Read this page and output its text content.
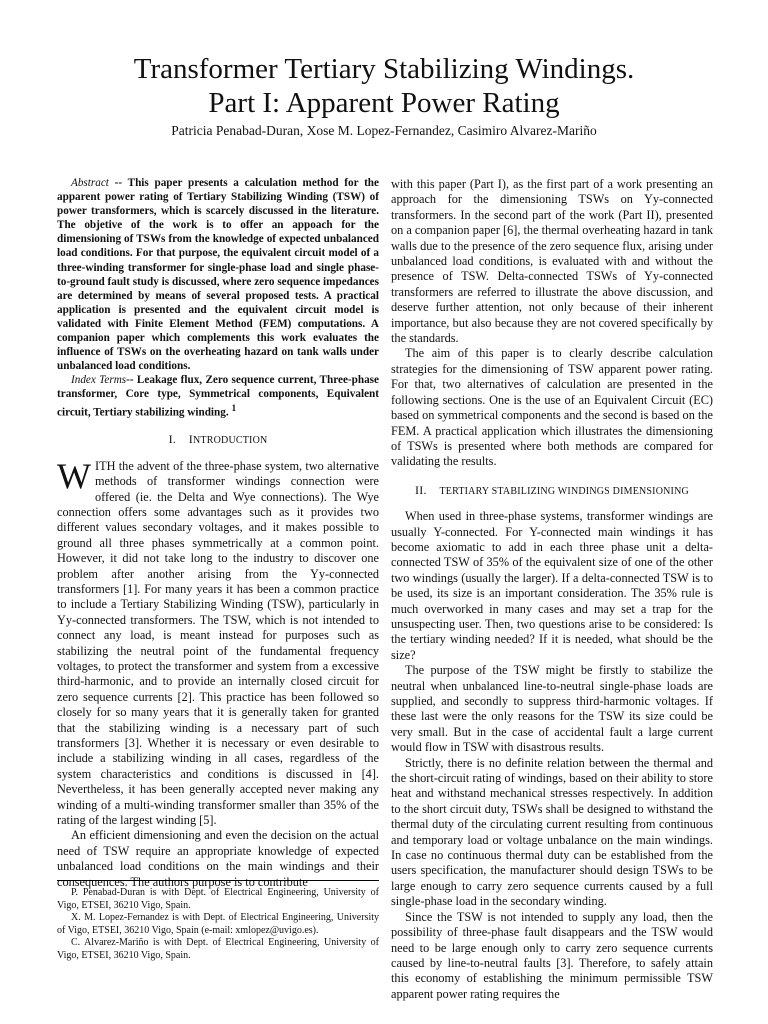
Transformer Tertiary Stabilizing Windings.
Part I: Apparent Power Rating
Patricia Penabad-Duran, Xose M. Lopez-Fernandez, Casimiro Alvarez-Mariño

Abstract -- This paper presents a calculation method for the apparent power rating of Tertiary Stabilizing Winding (TSW) of power transformers, which is scarcely discussed in the literature. The objetive of the work is to offer an appoach for the dimensioning of TSWs from the knowledge of expected unbalanced load conditions. For that purpose, the equivalent circuit model of a three-winding transformer for single-phase load and single phase-to-ground fault study is discussed, where zero sequence impedances are determined by means of several proposed tests. A practical application is presented and the equivalent circuit model is validated with Finite Element Method (FEM) computations. A companion paper which complements this work evaluates the influence of TSWs on the overheating hazard on tank walls under unbalanced load conditions.

Index Terms-- Leakage flux, Zero sequence current, Three-phase transformer, Core type, Symmetrical components, Equivalent circuit, Tertiary stabilizing winding. $^1$

I. INTRODUCTION

WITH the advent of the three-phase system, two alternative methods of transformer windings connection were offered (ie. the Delta and Wye connections). The Wye connection offers some advantages such as it provides two different values secondary voltages, and it makes possible to ground all three phases symmetrically at a common point. However, it did not take long to the industry to discover one problem after another arising from the Yy-connected transformers [1]. For many years it has been a common practice to include a Tertiary Stabilizing Winding (TSW), particularly in Yy-connected transformers. The TSW, which is not intended to connect any load, is meant instead for purposes such as stabilizing the neutral point of the fundamental frequency voltages, to protect the transformer and system from a excessive third-harmonic, and to provide an internally closed circuit for zero sequence currents [2]. This practice has been followed so closely for so many years that it is generally taken for granted that the stabilizing winding is a necessary part of such transformers [3]. Whether it is necessary or even desirable to include a stabilizing winding in all cases, regardless of the system characteristics and conditions is discussed in [4]. Nevertheless, it has been generally accepted never making any winding of a multi-winding transformer smaller than 35% of the rating of the largest winding [5].

An efficient dimensioning and even the decision on the actual need of TSW require an appropriate knowledge of expected unbalanced load conditions on the main windings and their consequences. The authors purpose is to contribute

P. Penabad-Duran is with Dept. of Electrical Engineering, University of Vigo, ETSEI, 36210 Vigo, Spain.

X. M. Lopez-Fernandez is with Dept. of Electrical Engineering, University of Vigo, ETSEI, 36210 Vigo, Spain (e-mail: xmlopez@uvigo.es).

C. Alvarez-Mariño is with Dept. of Electrical Engineering, University of Vigo, ETSEI, 36210 Vigo, Spain.

with this paper (Part I), as the first part of a work presenting an approach for the dimensioning TSWs on Yy-connected transformers. In the second part of the work (Part II), presented on a companion paper [6], the thermal overheating hazard in tank walls due to the presence of the zero sequence flux, arising under unbalanced load conditions, is evaluated with and without the presence of TSW. Delta-connected TSWs of Yy-connected transformers are referred to illustrate the above discussion, and deserve further attention, not only because of their inherent importance, but also because they are not covered specifically by the standards.

The aim of this paper is to clearly describe calculation strategies for the dimensioning of TSW apparent power rating. For that, two alternatives of calculation are presented in the following sections. One is the use of an Equivalent Circuit (EC) based on symmetrical components and the second is based on the FEM. A practical application which illustrates the dimensioning of TSWs is presented where both methods are compared for validating the results.

II. TERTIARY STABILIZING WINDINGS DIMENSIONING

When used in three-phase systems, transformer windings are usually Y-connected. For Y-connected main windings it has become axiomatic to add in each three phase unit a delta-connected TSW of 35% of the equivalent size of one of the other two windings (usually the larger). If a delta-connected TSW is to be used, its size is an important consideration. The 35% rule is much overworked in many cases and may set a trap for the unsuspecting user. Then, two questions arise to be considered: Is the tertiary winding needed? If it is needed, what should be the size?

The purpose of the TSW might be firstly to stabilize the neutral when unbalanced line-to-neutral single-phase loads are supplied, and secondly to suppress third-harmonic voltages. If these last were the only reasons for the TSW its size could be very small. But in the case of accidental fault a large current would flow in TSW with disastrous results.

Strictly, there is no definite relation between the thermal and the short-circuit rating of windings, based on their ability to store heat and withstand mechanical stresses respectively. In addition to the short circuit duty, TSWs shall be designed to withstand the thermal duty of the circulating current resulting from continuous and temporary load or voltage unbalance on the main windings. In case no continuous thermal duty can be established from the users specification, the manufacturer should design TSWs to be large enough to carry zero sequence currents caused by a full single-phase load in the secondary winding.

Since the TSW is not intended to supply any load, then the possibility of three-phase fault disappears and the TSW would need to be large enough only to carry zero sequence currents caused by line-to-neutral faults [3]. Therefore, to safely attain this economy of establishing the minimum permissible TSW apparent power rating requires the
